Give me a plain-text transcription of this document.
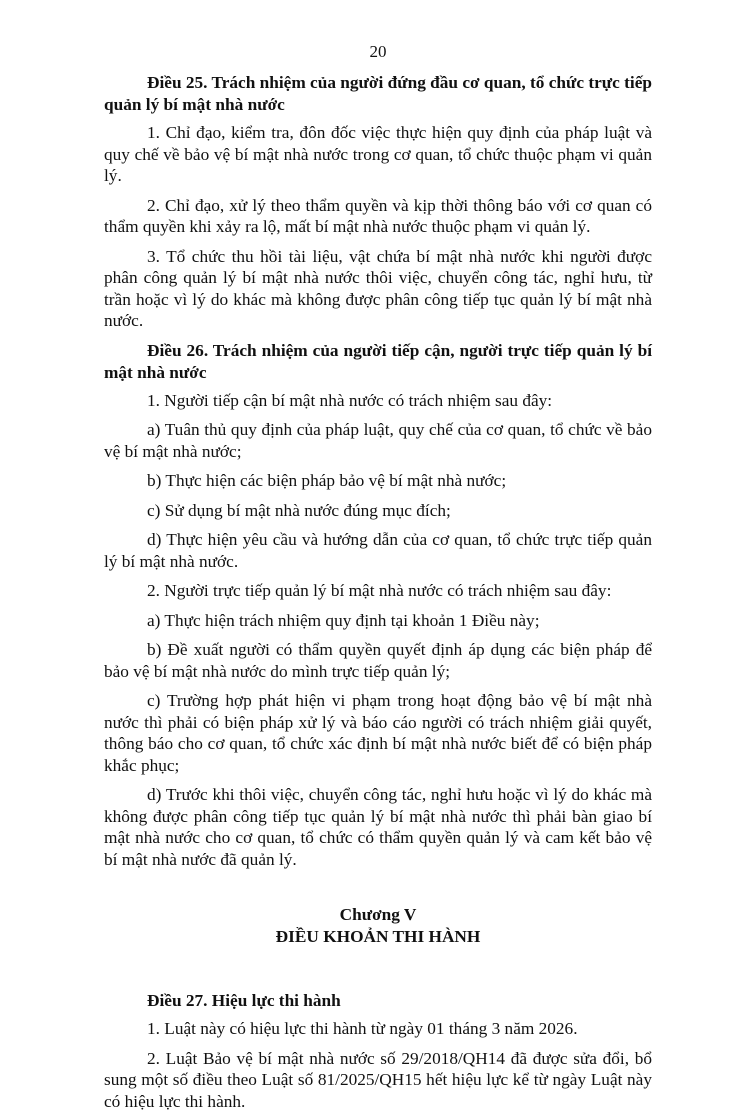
20
Điều 25. Trách nhiệm của người đứng đầu cơ quan, tổ chức trực tiếp quản lý bí mật nhà nước

1. Chỉ đạo, kiểm tra, đôn đốc việc thực hiện quy định của pháp luật và quy chế về bảo vệ bí mật nhà nước trong cơ quan, tổ chức thuộc phạm vi quản lý.

2. Chỉ đạo, xử lý theo thẩm quyền và kịp thời thông báo với cơ quan có thẩm quyền khi xảy ra lộ, mất bí mật nhà nước thuộc phạm vi quản lý.

3. Tổ chức thu hồi tài liệu, vật chứa bí mật nhà nước khi người được phân công quản lý bí mật nhà nước thôi việc, chuyển công tác, nghỉ hưu, từ trần hoặc vì lý do khác mà không được phân công tiếp tục quản lý bí mật nhà nước.

Điều 26. Trách nhiệm của người tiếp cận, người trực tiếp quản lý bí mật nhà nước

1. Người tiếp cận bí mật nhà nước có trách nhiệm sau đây:

a) Tuân thủ quy định của pháp luật, quy chế của cơ quan, tổ chức về bảo vệ bí mật nhà nước;

b) Thực hiện các biện pháp bảo vệ bí mật nhà nước;

c) Sử dụng bí mật nhà nước đúng mục đích;

d) Thực hiện yêu cầu và hướng dẫn của cơ quan, tổ chức trực tiếp quản lý bí mật nhà nước.

2. Người trực tiếp quản lý bí mật nhà nước có trách nhiệm sau đây:

a) Thực hiện trách nhiệm quy định tại khoản 1 Điều này;

b) Đề xuất người có thẩm quyền quyết định áp dụng các biện pháp để bảo vệ bí mật nhà nước do mình trực tiếp quản lý;

c) Trường hợp phát hiện vi phạm trong hoạt động bảo vệ bí mật nhà nước thì phải có biện pháp xử lý và báo cáo người có trách nhiệm giải quyết, thông báo cho cơ quan, tổ chức xác định bí mật nhà nước biết để có biện pháp khắc phục;

d) Trước khi thôi việc, chuyển công tác, nghỉ hưu hoặc vì lý do khác mà không được phân công tiếp tục quản lý bí mật nhà nước thì phải bàn giao bí mật nhà nước cho cơ quan, tổ chức có thẩm quyền quản lý và cam kết bảo vệ bí mật nhà nước đã quản lý.

Chương V

ĐIỀU KHOẢN THI HÀNH

Điều 27. Hiệu lực thi hành

1. Luật này có hiệu lực thi hành từ ngày 01 tháng 3 năm 2026.

2. Luật Bảo vệ bí mật nhà nước số 29/2018/QH14 đã được sửa đổi, bổ sung một số điều theo Luật số 81/2025/QH15 hết hiệu lực kể từ ngày Luật này có hiệu lực thi hành.
